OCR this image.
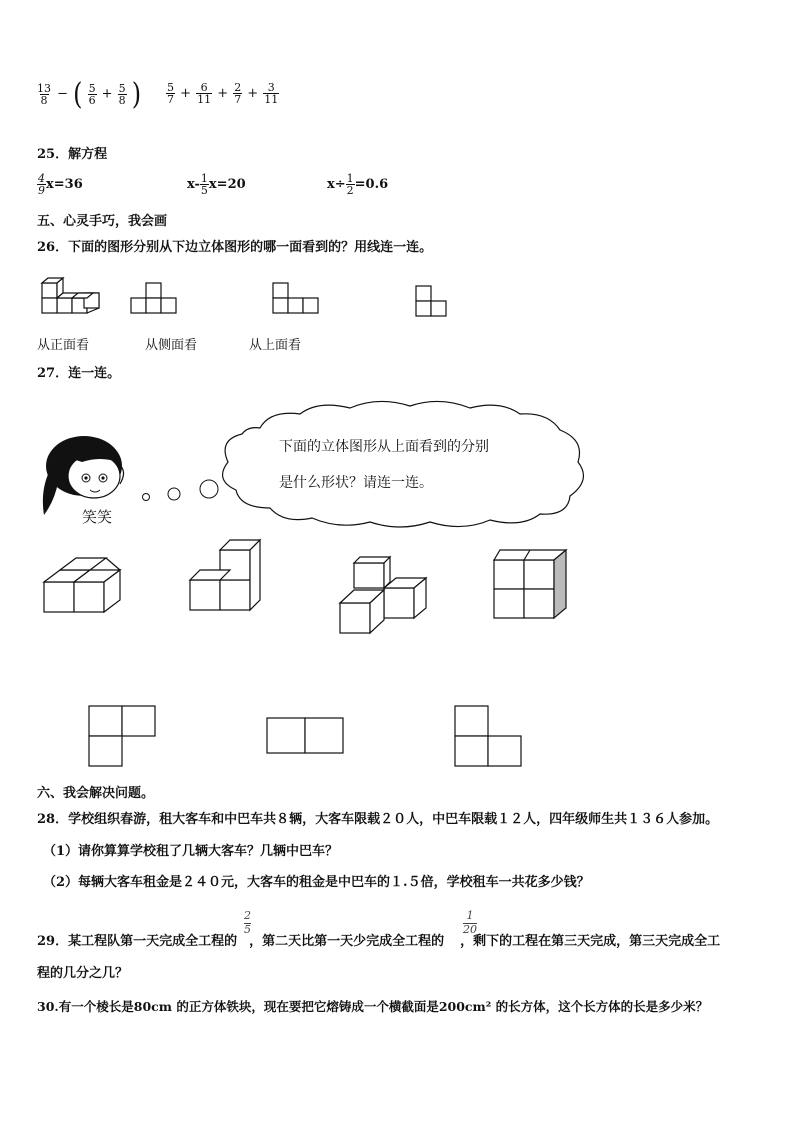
$\frac{13}{8}$ − ( $\frac{5}{6} + \frac{5}{8}$ ) $\frac{5}{7} + \frac{6}{11} + \frac{2}{7} + \frac{3}{11}$
25．解方程
$\frac{4}{9} x=36$	$x- \frac{1}{5} x=20$	$x\div \frac{1}{2} =0.6$
五、心灵手巧，我会画
26．下面的图形分别从下边立体图形的哪一面看到的？用线连一连。
从正面看	从侧面看	从上面看
27．连一连。
下面的立体图形从上面看到的分别
是什么形状？请连一连。
笑笑
六、我会解决问题。
28．学校组织春游，租大客车和中巴车共８辆，大客车限载２０人，中巴车限载１２人，四年级师生共１３６人参加。
（1）请你算算学校租了几辆大客车？几辆中巴车？
（2）每辆大客车租金是２４０元，大客车的租金是中巴车的１.５倍，学校租车一共花多少钱？
2
5
1
20
29．某工程队第一天完成全工程的 ，第二天比第一天少完成全工程的 ，剩下的工程在第三天完成，第三天完成全工
程的几分之几？
30.有一个棱长是80cm 的正方体铁块，现在要把它熔铸成一个横截面是200cm² 的长方体，这个长方体的长是多少米？
